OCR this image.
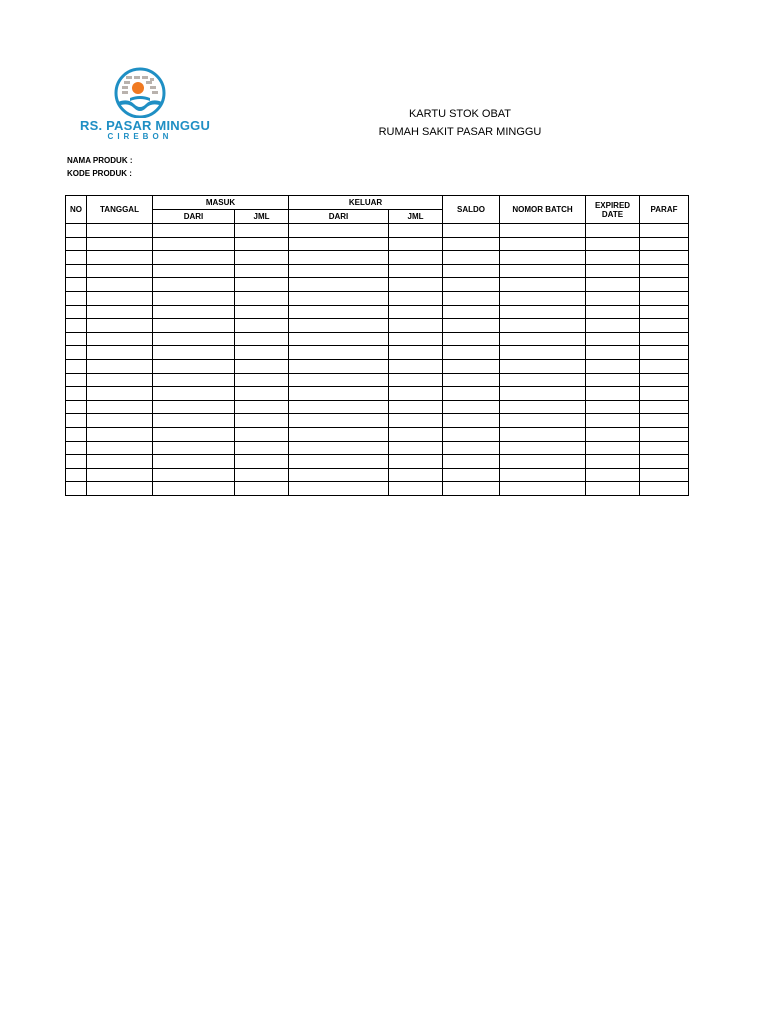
RS. PASAR MINGGU
CIREBON
KARTU STOK OBAT
RUMAH SAKIT PASAR MINGGU
NAMA PRODUK :
KODE PRODUK :
NO	TANGGAL	MASUK		KELUAR		SALDO	NOMOR BATCH	EXPIRED DATE	PARAF
		DARI	JML	DARI	JML				
